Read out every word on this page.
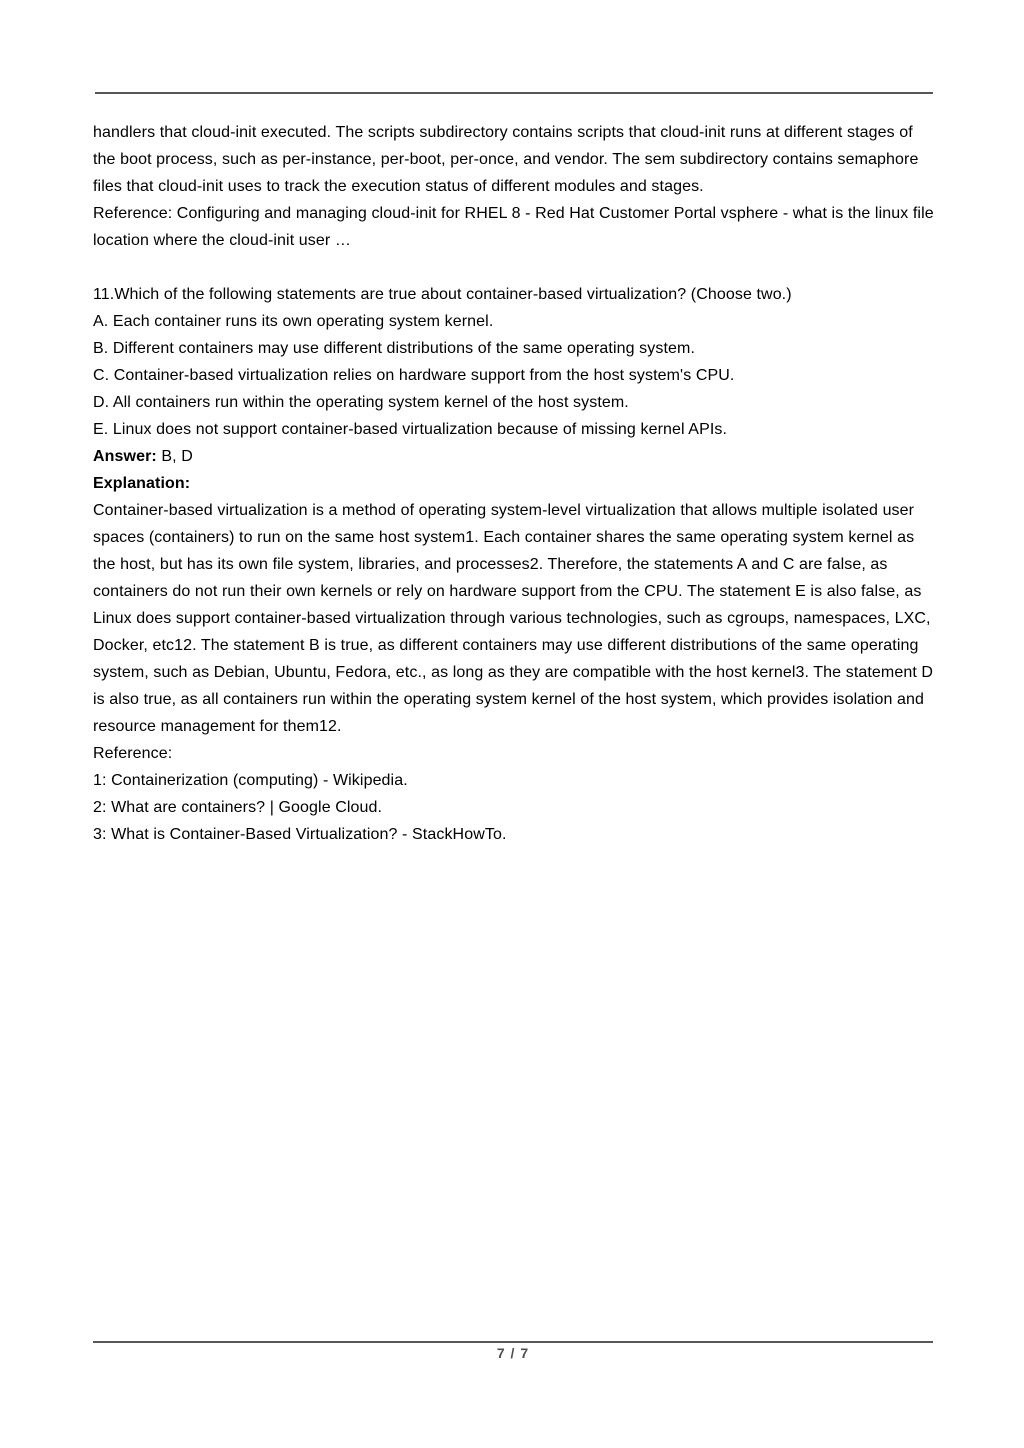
handlers that cloud-init executed. The scripts subdirectory contains scripts that cloud-init runs at different stages of the boot process, such as per-instance, per-boot, per-once, and vendor. The sem subdirectory contains semaphore files that cloud-init uses to track the execution status of different modules and stages.

Reference: Configuring and managing cloud-init for RHEL 8 - Red Hat Customer Portal vsphere - what is the linux file location where the cloud-init user …

11.Which of the following statements are true about container-based virtualization? (Choose two.)

A. Each container runs its own operating system kernel.

B. Different containers may use different distributions of the same operating system.

C. Container-based virtualization relies on hardware support from the host system's CPU.

D. All containers run within the operating system kernel of the host system.

E. Linux does not support container-based virtualization because of missing kernel APIs.

Answer: B, D

Explanation:

Container-based virtualization is a method of operating system-level virtualization that allows multiple isolated user spaces (containers) to run on the same host system1. Each container shares the same operating system kernel as the host, but has its own file system, libraries, and processes2. Therefore, the statements A and C are false, as containers do not run their own kernels or rely on hardware support from the CPU. The statement E is also false, as Linux does support container-based virtualization through various technologies, such as cgroups, namespaces, LXC, Docker, etc12. The statement B is true, as different containers may use different distributions of the same operating system, such as Debian, Ubuntu, Fedora, etc., as long as they are compatible with the host kernel3. The statement D is also true, as all containers run within the operating system kernel of the host system, which provides isolation and resource management for them12.

Reference:

1: Containerization (computing) - Wikipedia.

2: What are containers? | Google Cloud.

3: What is Container-Based Virtualization? - StackHowTo.

7 / 7
